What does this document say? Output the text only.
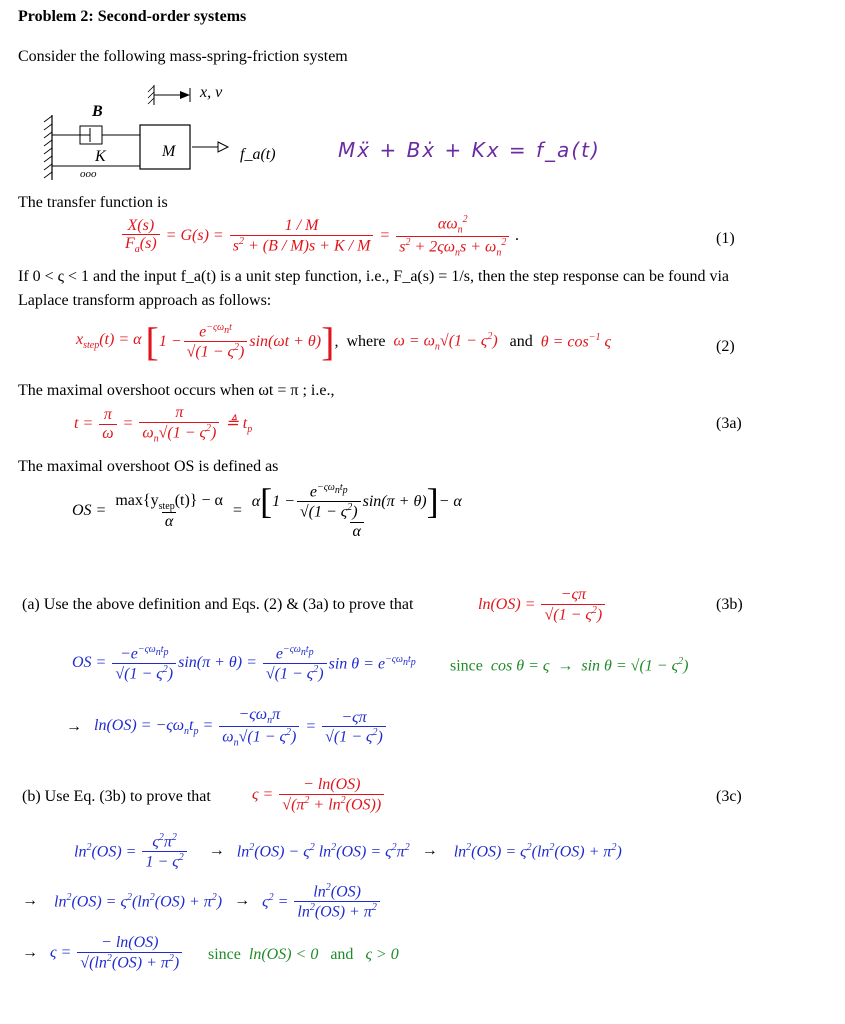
Problem 2: Second-order systems
Consider the following mass-spring-friction system
ooo
B
K	M
x, v
f_a(t)	Mẍ + Bẋ + Kx = f_a(t)
The transfer function is
$\frac{X(s)}{F_a(s)} = G(s) = \frac{1 / M}{s^2 + (B / M)s + K / M} = \frac{\alpha\omega_n^2}{s^2 + 2\varsigma\omega_ns + \omega_n^2}$ .	(1)
If 0 < ς < 1 and the input f_a(t) is a unit step function, i.e., F_a(s) = 1/s, then the step response can be found via
Laplace transform approach as follows:
$x_{step}(t) = \alpha$ [ $1 - \frac{e^{-\varsigma\omega_nt}}{√(1 - \varsigma^2)} \sin(\omega t + \theta)$ ] , where $\omega = \omega_n√(1 - \varsigma^2)$ and $\theta = \cos^{-1} \varsigma$	(2)
The maximal overshoot occurs when ωt = π ; i.e.,
$t = \frac{\pi}{\omega} = \frac{\pi}{\omega_n√(1 - \varsigma^2)}$ ≜ $t_p$	(3a)
The maximal overshoot OS is defined as
OS = $\frac{\max\{y_{step}(t)\} - \alpha}{\alpha}$ =
α [ $1 - \frac{e^{-\varsigma\omega_nt_p}}{√(1 - \varsigma^2)} \sin(\pi + \theta)$ ] − α
α
(a) Use the above definition and Eqs. (2) & (3a) to prove that	$\ln(OS) = \frac{-\varsigma\pi}{√(1 - \varsigma^2)}$	(3b)
OS = $\frac{-e^{-\varsigma\omega_nt_p}}{√(1 - \varsigma^2)} \sin(\pi + \theta) = \frac{e^{-\varsigma\omega_nt_p}}{√(1 - \varsigma^2)}$ $\sin \theta = e^{-\varsigma\omega_nt_p}$ since  $\cos \theta = \varsigma \to \sin \theta = √(1 - \varsigma^2)$
→ $\ln(OS) = -\varsigma\omega_nt_p = \frac{-\varsigma\omega_n\pi}{\omega_n√(1 - \varsigma^2)} = \frac{-\varsigma\pi}{√(1 - \varsigma^2)}$
(b) Use Eq. (3b) to prove that	$\varsigma = \frac{- \ln(OS)}{√(\pi^2 + \ln^2(OS))}$	(3c)
$\ln^2(OS) = \frac{\varsigma^2\pi^2}{1 - \varsigma^2} \to \ln^2(OS) - \varsigma^2$ $\ln^2(OS) = \varsigma^2\pi^2 \to \ln^2(OS) = \varsigma^2(\ln^2(OS) + \pi^2)$
→ $\ln^2(OS) = \varsigma^2(\ln^2(OS) + \pi^2) \to \varsigma^2 = \frac{\ln^2(OS)}{\ln^2(OS) + \pi^2}$
→ $\varsigma = \frac{- \ln(OS)}{√(\ln^2(OS) + \pi^2)}$ since  ln(OS) < 0   and   ς > 0
